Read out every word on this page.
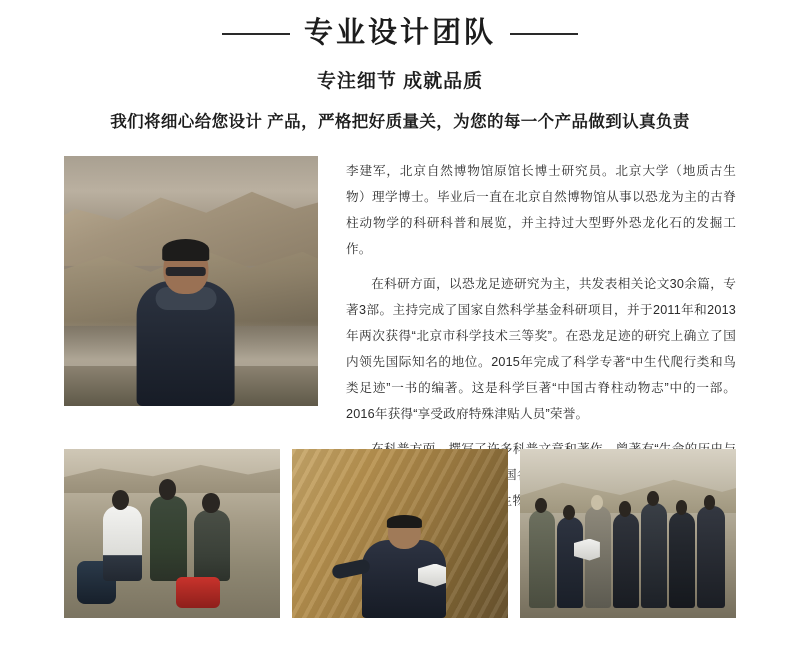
专业设计团队
专注细节 成就品质
我们将细心给您设计 产品，严格把好质量关，为您的每一个产品做到认真负责

李建军，北京自然博物馆原馆长博士研究员。北京大学（地质古生物）理学博士。毕业后一直在北京自然博物馆从事以恐龙为主的古脊柱动物学的科研科普和展览，并主持过大型野外恐龙化石的发掘工作。

在科研方面，以恐龙足迹研究为主，共发表相关论文30余篇，专著3部。主持完成了国家自然科学基金科研项目，并于2011年和2013年两次获得“北京市科学技术三等奖”。在恐龙足迹的研究上确立了国内领先国际知名的地位。2015年完成了科学专著“中生代爬行类和鸟类足迹”一书的编著。这是科学巨著“中国古脊柱动物志”中的一部。2016年获得“享受政府特殊津贴人员”荣誉。
